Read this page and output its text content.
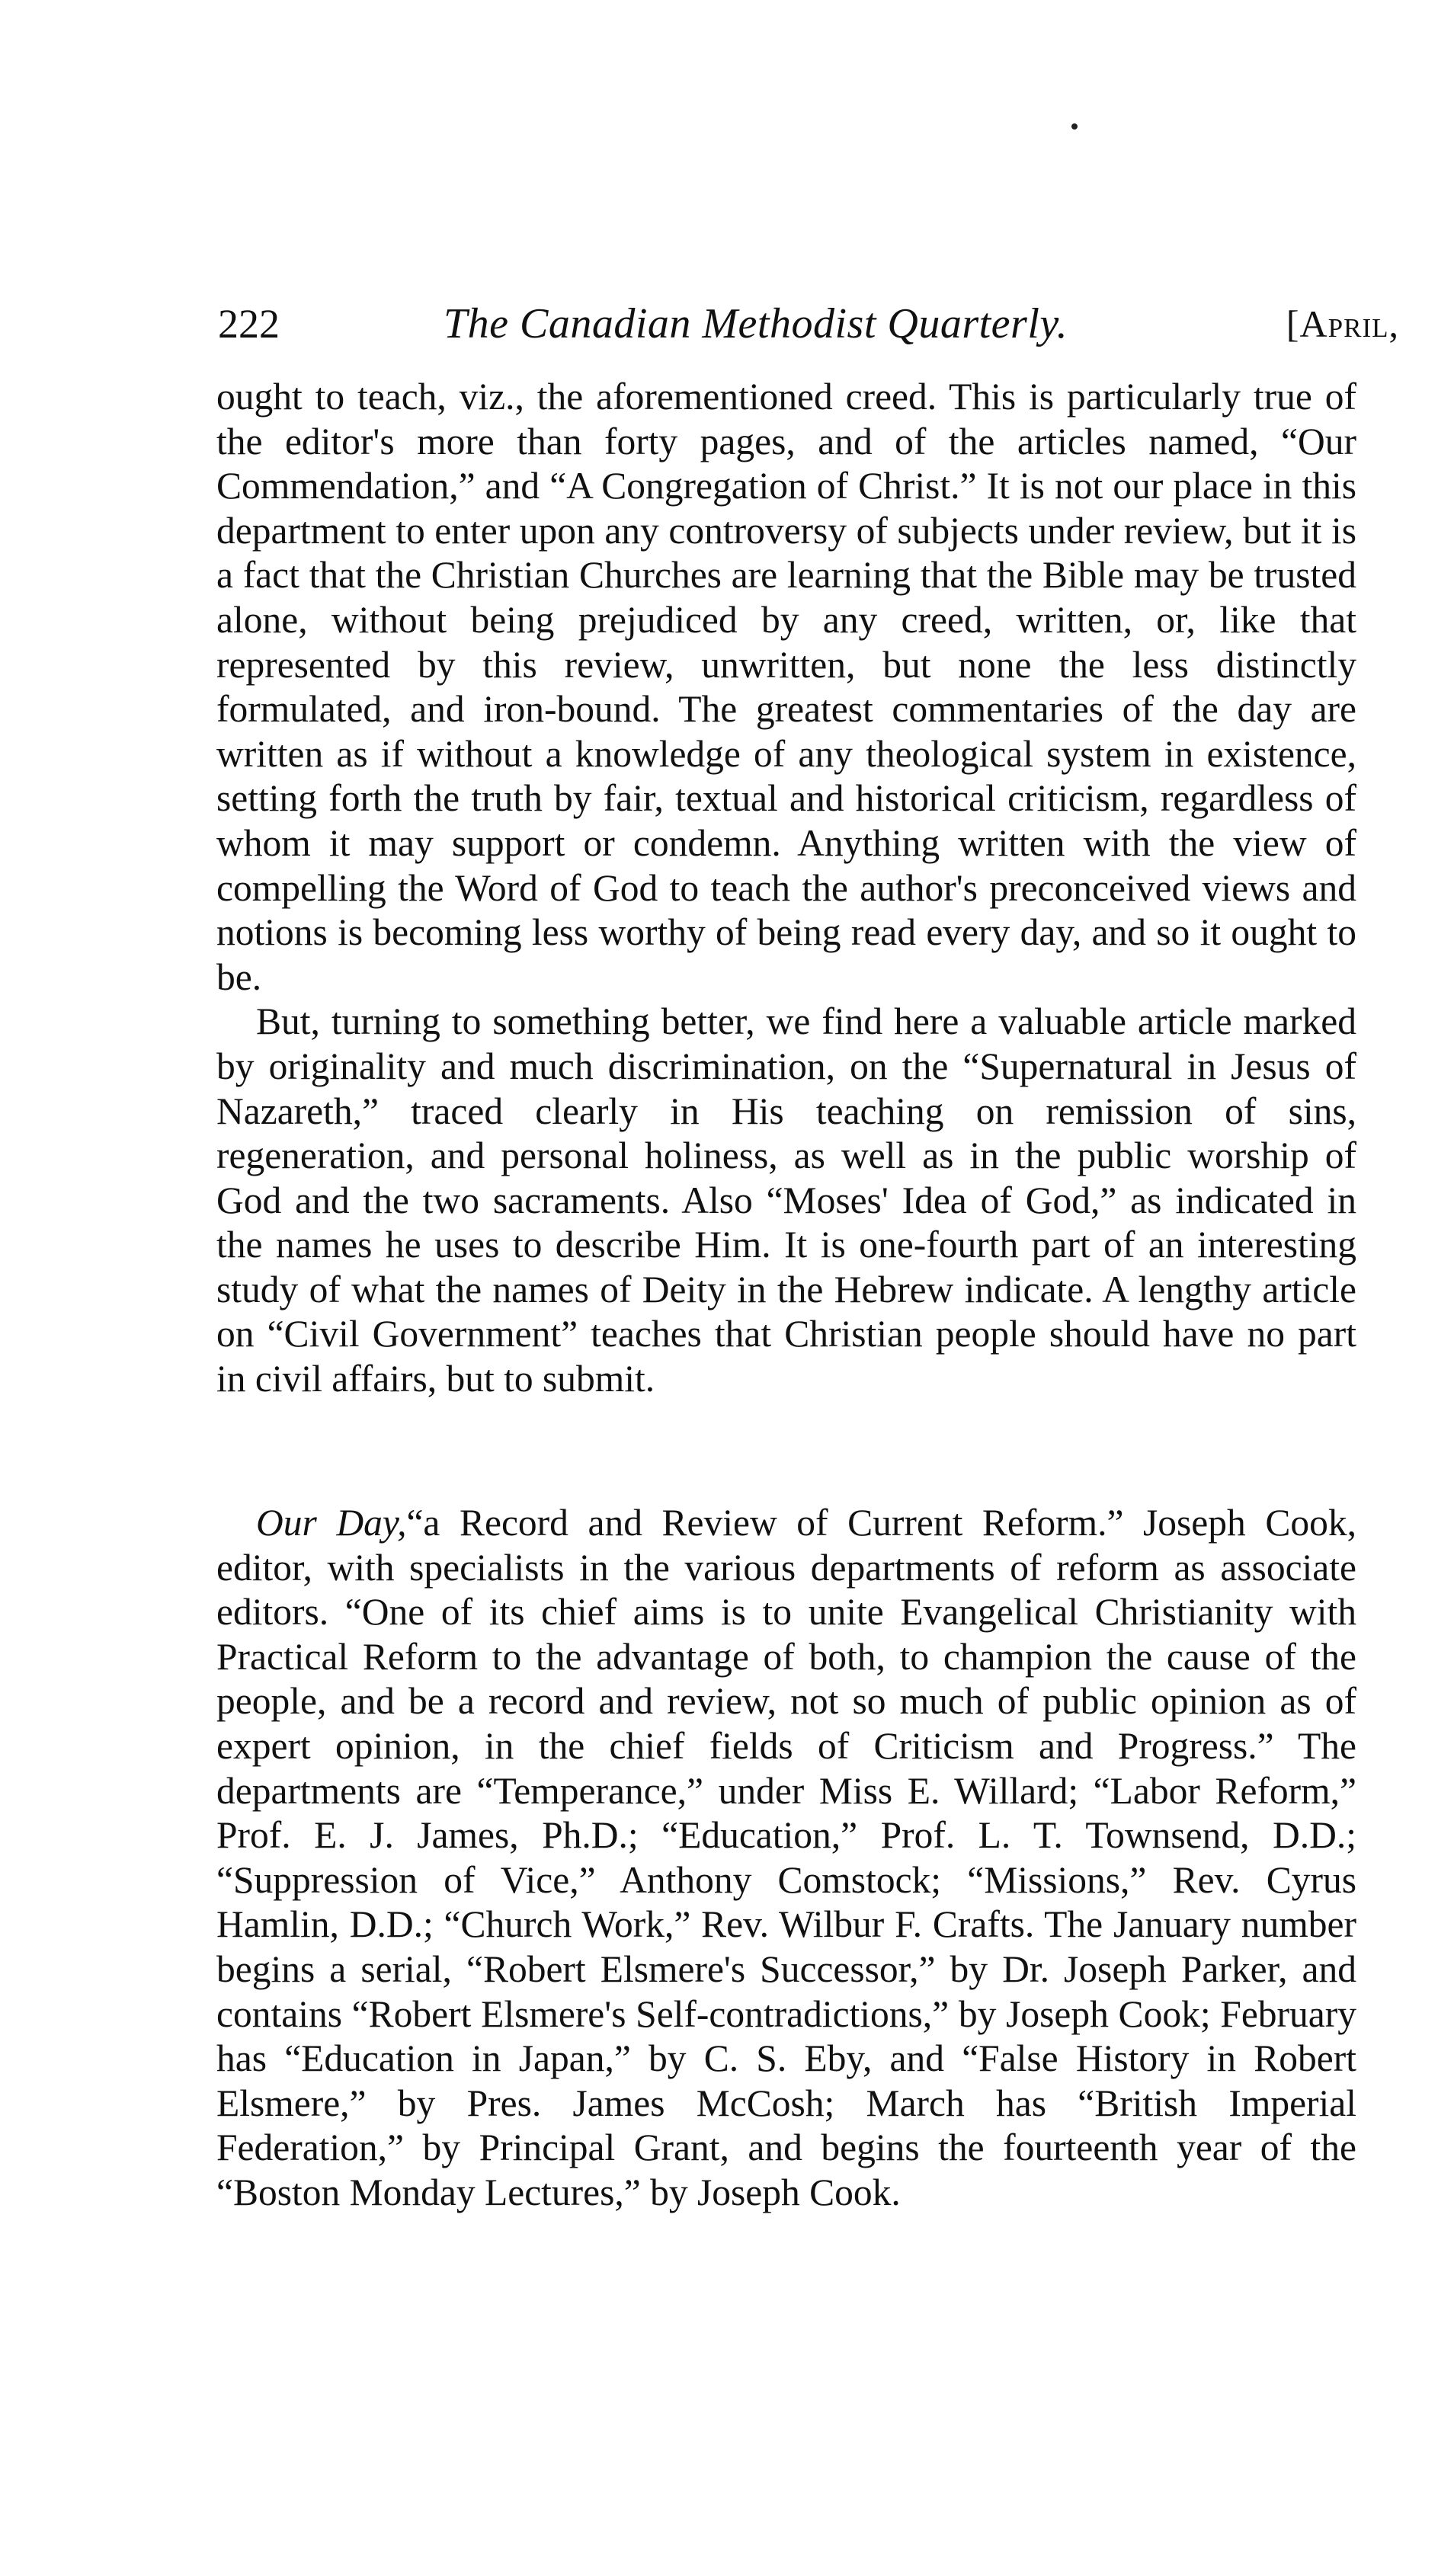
222	The Canadian Methodist Quarterly.	[April,

ought to teach, viz., the aforementioned creed. This is particularly true of the editor's more than forty pages, and of the articles named, “Our Commendation,” and “A Congregation of Christ.” It is not our place in this department to enter upon any controversy of subjects under review, but it is a fact that the Christian Churches are learning that the Bible may be trusted alone, without being prejudiced by any creed, written, or, like that represented by this review, unwritten, but none the less distinctly formulated, and iron-bound. The greatest commentaries of the day are written as if without a knowledge of any theological system in existence, setting forth the truth by fair, textual and historical criticism, regardless of whom it may support or condemn. Anything written with the view of compelling the Word of God to teach the author's preconceived views and notions is becoming less worthy of being read every day, and so it ought to be.

But, turning to something better, we find here a valuable article marked by originality and much discrimination, on the “Supernatural in Jesus of Nazareth,” traced clearly in His teaching on remission of sins, regeneration, and personal holiness, as well as in the public worship of God and the two sacraments. Also “Moses' Idea of God,” as indicated in the names he uses to describe Him. It is one-fourth part of an interesting study of what the names of Deity in the Hebrew indicate. A lengthy article on “Civil Government” teaches that Christian people should have no part in civil affairs, but to submit.

Our Day,“a Record and Review of Current Reform.” Joseph Cook, editor, with specialists in the various departments of reform as associate editors. “One of its chief aims is to unite Evangelical Christianity with Practical Reform to the advantage of both, to champion the cause of the people, and be a record and review, not so much of public opinion as of expert opinion, in the chief fields of Criticism and Progress.” The departments are “Temperance,” under Miss E. Willard; “Labor Reform,” Prof. E. J. James, Ph.D.; “Education,” Prof. L. T. Townsend, D.D.; “Suppression of Vice,” Anthony Comstock; “Missions,” Rev. Cyrus Hamlin, D.D.; “Church Work,” Rev. Wilbur F. Crafts. The January number begins a serial, “Robert Elsmere's Successor,” by Dr. Joseph Parker, and contains “Robert Elsmere's Self-contradictions,” by Joseph Cook; February has “Education in Japan,” by C. S. Eby, and “False History in Robert Elsmere,” by Pres. James McCosh; March has “British Imperial Federation,” by Principal Grant, and begins the fourteenth year of the “Boston Monday Lectures,” by Joseph Cook.
